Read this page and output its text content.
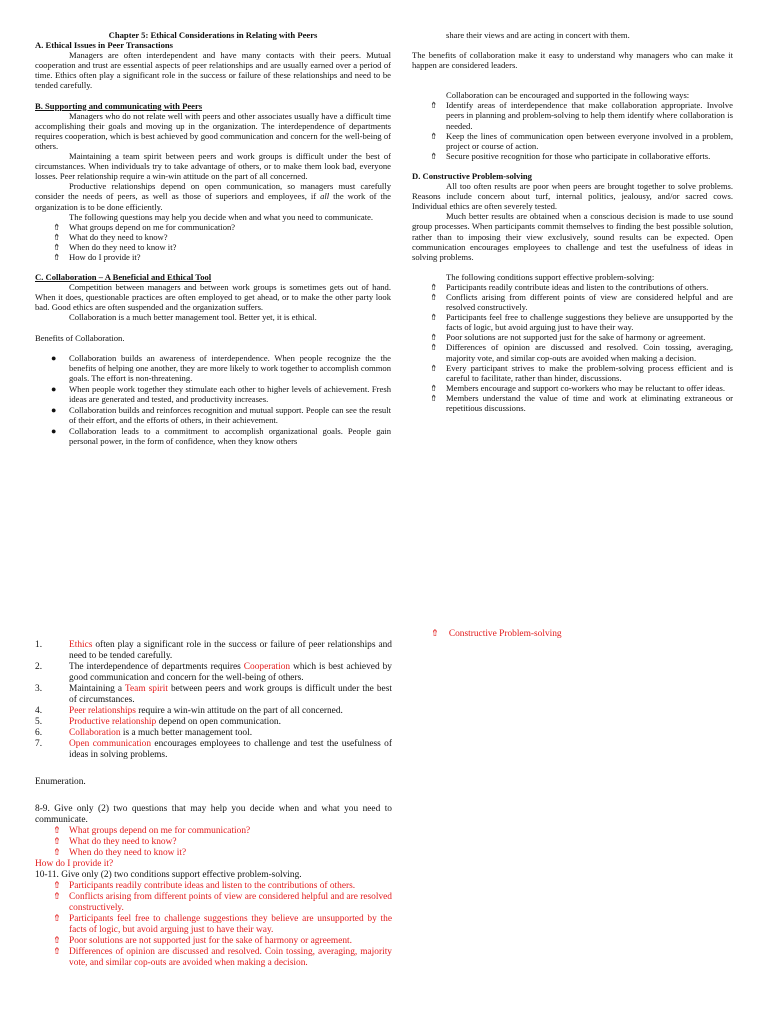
Chapter 5: Ethical Considerations in Relating with Peers

A. Ethical Issues in Peer Transactions

Managers are often interdependent and have many contacts with their peers. Mutual cooperation and trust are essential aspects of peer relationships and are usually earned over a period of time. Ethics often play a significant role in the success or failure of these relationships and need to be tended carefully.

B. Supporting and communicating with Peers

Managers who do not relate well with peers and other associates usually have a difficult time accomplishing their goals and moving up in the organization. The interdependence of departments requires cooperation, which is best achieved by good communication and concern for the well-being of others.

Maintaining a team spirit between peers and work groups is difficult under the best of circumstances. When individuals try to take advantage of others, or to make them look bad, everyone losses. Peer relationship require a win-win attitude on the part of all concerned.

Productive relationships depend on open communication, so managers must carefully consider the needs of peers, as well as those of superiors and employees, if all the work of the organization is to be done efficiently.

The following questions may help you decide when and what you need to communicate.

⇮ What groups depend on me for communication?
⇮ What do they need to know?
⇮ When do they need to know it?
⇮ How do I provide it?

C. Collaboration – A Beneficial and Ethical Tool

Competition between managers and between work groups is sometimes gets out of hand. When it does, questionable practices are often employed to get ahead, or to make the other party look bad. Good ethics are often suspended and the organization suffers.

Collaboration is a much better management tool. Better yet, it is ethical.

Benefits of Collaboration.

● Collaboration builds an awareness of interdependence. When people recognize the the benefits of helping one another, they are more likely to work together to accomplish common goals. The effort is non-threatening.
● When people work together they stimulate each other to higher levels of achievement. Fresh ideas are generated and tested, and productivity increases.
● Collaboration builds and reinforces recognition and mutual support. People can see the result of their effort, and the efforts of others, in their achievement.
● Collaboration leads to a commitment to accomplish organizational goals. People gain personal power, in the form of confidence, when they know others

share their views and are acting in concert with them.

The benefits of collaboration make it easy to understand why managers who can make it happen are considered leaders.

Collaboration can be encouraged and supported in the following ways:

⇮ Identify areas of interdependence that make collaboration appropriate. Involve peers in planning and problem-solving to help them identify where collaboration is needed.
⇮ Keep the lines of communication open between everyone involved in a problem, project or course of action.
⇮ Secure positive recognition for those who participate in collaborative efforts.

D. Constructive Problem-solving

All too often results are poor when peers are brought together to solve problems. Reasons include concern about turf, internal politics, jealousy, and/or sacred cows. Individual ethics are often severely tested.

Much better results are obtained when a conscious decision is made to use sound group processes. When participants commit themselves to finding the best possible solution, rather than to imposing their view exclusively, sound results can be expected. Open communication encourages employees to challenge and test the usefulness of ideas in solving problems.

The following conditions support effective problem-solving:

⇮ Participants readily contribute ideas and listen to the contributions of others.
⇮ Conflicts arising from different points of view are considered helpful and are resolved constructively.
⇮ Participants feel free to challenge suggestions they believe are unsupported by the facts of logic, but avoid arguing just to have their way.
⇮ Poor solutions are not supported just for the sake of harmony or agreement.
⇮ Differences of opinion are discussed and resolved. Coin tossing, averaging, majority vote, and similar cop-outs are avoided when making a decision.
⇮ Every participant strives to make the problem-solving process efficient and is careful to facilitate, rather than hinder, discussions.
⇮ Members encourage and support co-workers who may be reluctant to offer ideas.
⇮ Members understand the value of time and work at eliminating extraneous or repetitious discussions.
⇮ Constructive Problem-solving
1.	Ethics often play a significant role in the success or failure of peer relationships and need to be tended carefully.
2.	The interdependence of departments requires Cooperation which is best achieved by good communication and concern for the well-being of others.
3.	Maintaining a Team spirit between peers and work groups is difficult under the best of circumstances.
4.	Peer relationships require a win-win attitude on the part of all concerned.
5.	Productive relationship depend on open communication.
6.	Collaboration is a much better management tool.
7.	Open communication encourages employees to challenge and test the usefulness of ideas in solving problems.

Enumeration.

8-9. Give only (2) two questions that may help you decide when and what you need to communicate.

⇮ What groups depend on me for communication?
⇮ What do they need to know?
⇮ When do they need to know it?

How do I provide it?

10-11. Give only (2) two conditions support effective problem-solving.

⇮ Participants readily contribute ideas and listen to the contributions of others.
⇮ Conflicts arising from different points of view are considered helpful and are resolved constructively.
⇮ Participants feel free to challenge suggestions they believe are unsupported by the facts of logic, but avoid arguing just to have their way.
⇮ Poor solutions are not supported just for the sake of harmony or agreement.
⇮ Differences of opinion are discussed and resolved. Coin tossing, averaging, majority vote, and similar cop-outs are avoided when making a decision.
